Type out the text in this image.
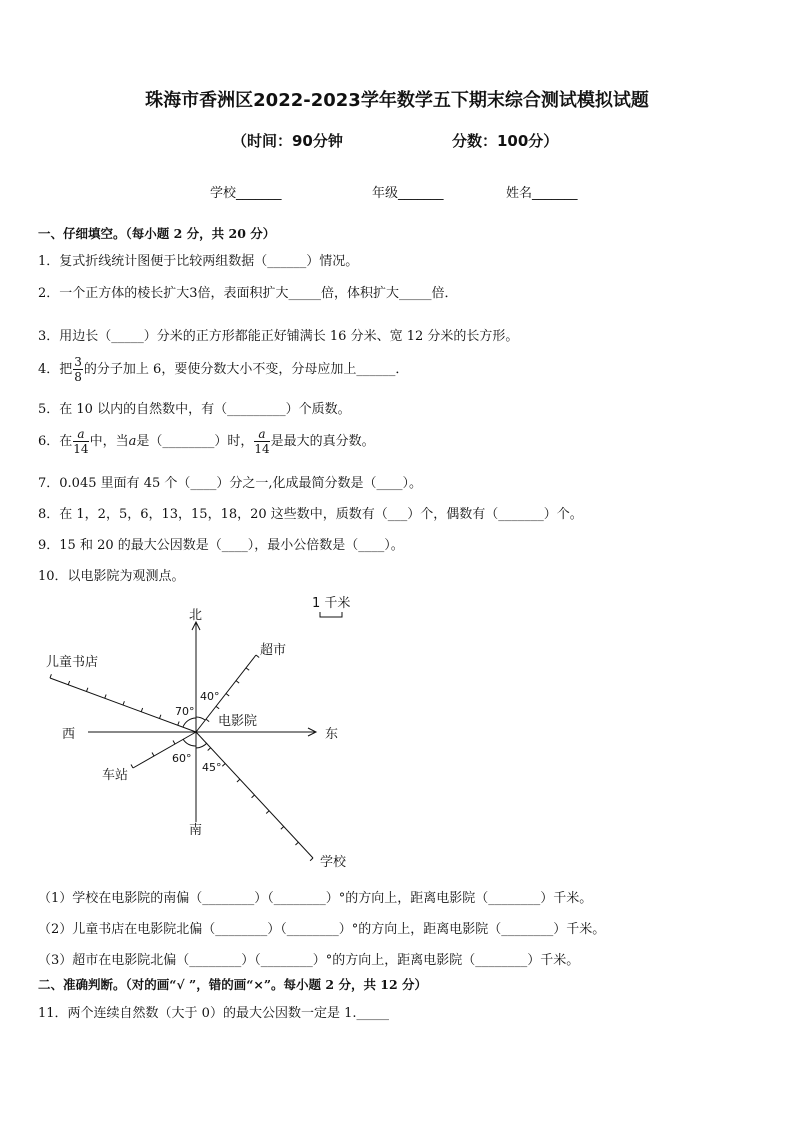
珠海市香洲区2022-2023学年数学五下期末综合测试模拟试题
（时间：90分钟	分数：100分）
学校_______	年级_______	姓名_______
一、仔细填空。（每小题 2 分，共 20 分）
1．复式折线统计图便于比较两组数据（______）情况。
2．一个正方体的棱长扩大3倍，表面积扩大_____倍，体积扩大_____倍．
3．用边长（_____）分米的正方形都能正好铺满长 16 分米、宽 12 分米的长方形。
4．把 $\frac{3}{8}$ 的分子加上 6，要使分数大小不变，分母应加上______．
5．在 10 以内的自然数中，有（_________）个质数。
6．在 $\frac{a}{14}$ 中，当a是（________）时， $\frac{a}{14}$ 是最大的真分数。
7．0.045 里面有 45 个（____）分之一,化成最简分数是（____）。
8．在 1，2，5，6，13，15，18，20 这些数中，质数有（___）个，偶数有（_______）个。
9．15 和 20 的最大公因数是（____），最小公倍数是（____）。
10．以电影院为观测点。
北
南
西	东
电影院
超市
儿童书店
车站
学校
1 千米
40°
70°
60°
45°
（1）学校在电影院的南偏（________）（________）°的方向上，距离电影院（________）千米。
（2）儿童书店在电影院北偏（________）（________）°的方向上，距离电影院（________）千米。
（3）超市在电影院北偏（________）（________）°的方向上，距离电影院（________）千米。
二、准确判断。（对的画“√ ”，错的画“×”。每小题 2 分，共 12 分）
11．两个连续自然数（大于 0）的最大公因数一定是 1._____
